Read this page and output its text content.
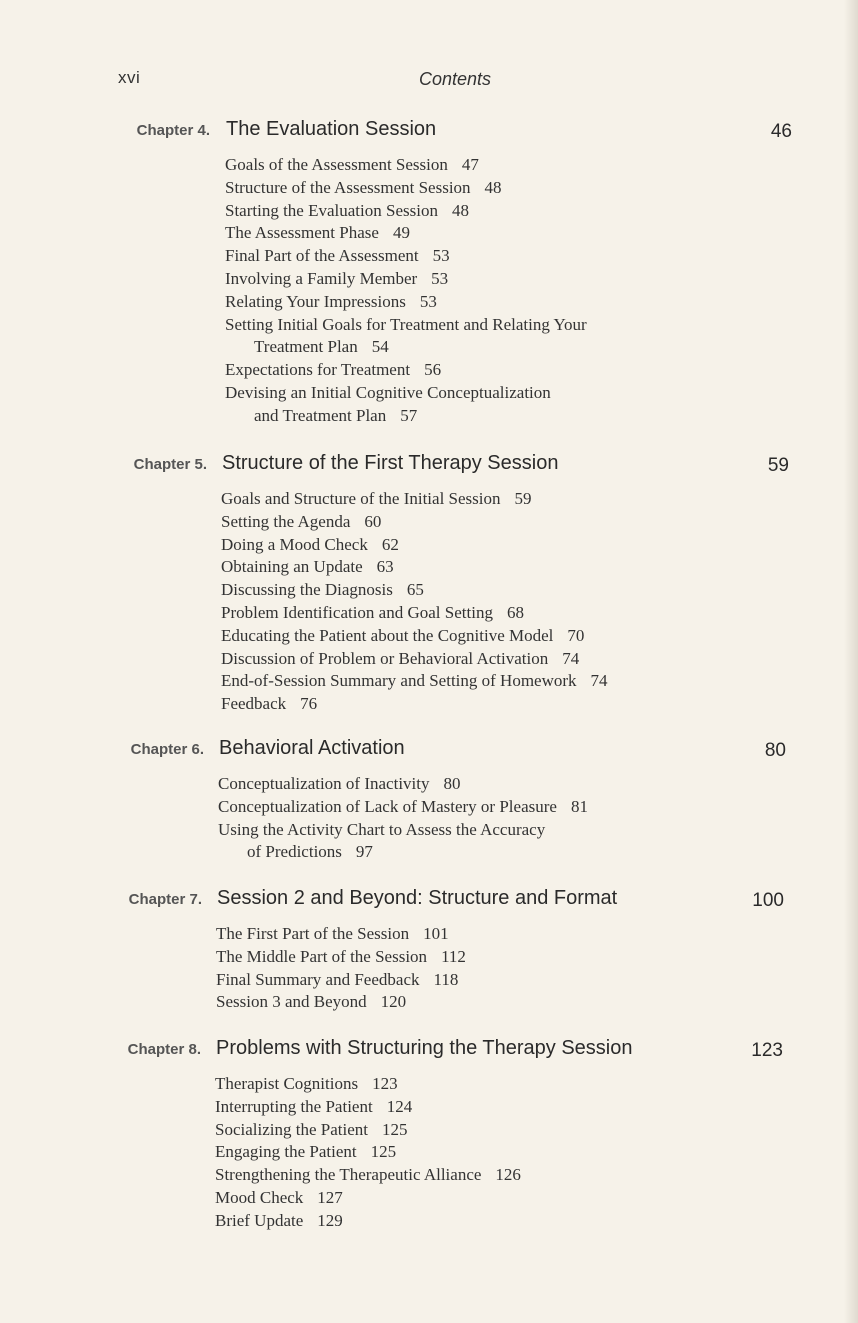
xvi	Contents
Chapter 4. The Evaluation Session	46
Goals of the Assessment Session 47
Structure of the Assessment Session 48
Starting the Evaluation Session 48
The Assessment Phase 49
Final Part of the Assessment 53
Involving a Family Member 53
Relating Your Impressions 53
Setting Initial Goals for Treatment and Relating Your
Treatment Plan 54
Expectations for Treatment 56
Devising an Initial Cognitive Conceptualization
and Treatment Plan 57
Chapter 5. Structure of the First Therapy Session	59
Goals and Structure of the Initial Session 59
Setting the Agenda 60
Doing a Mood Check 62
Obtaining an Update 63
Discussing the Diagnosis 65
Problem Identification and Goal Setting 68
Educating the Patient about the Cognitive Model 70
Discussion of Problem or Behavioral Activation 74
End-of-Session Summary and Setting of Homework 74
Feedback 76
Chapter 6. Behavioral Activation	80
Conceptualization of Inactivity 80
Conceptualization of Lack of Mastery or Pleasure 81
Using the Activity Chart to Assess the Accuracy
of Predictions 97
Chapter 7. Session 2 and Beyond: Structure and Format	100
The First Part of the Session 101
The Middle Part of the Session 112
Final Summary and Feedback 118
Session 3 and Beyond 120
Chapter 8. Problems with Structuring the Therapy Session	123
Therapist Cognitions 123
Interrupting the Patient 124
Socializing the Patient 125
Engaging the Patient 125
Strengthening the Therapeutic Alliance 126
Mood Check 127
Brief Update 129
